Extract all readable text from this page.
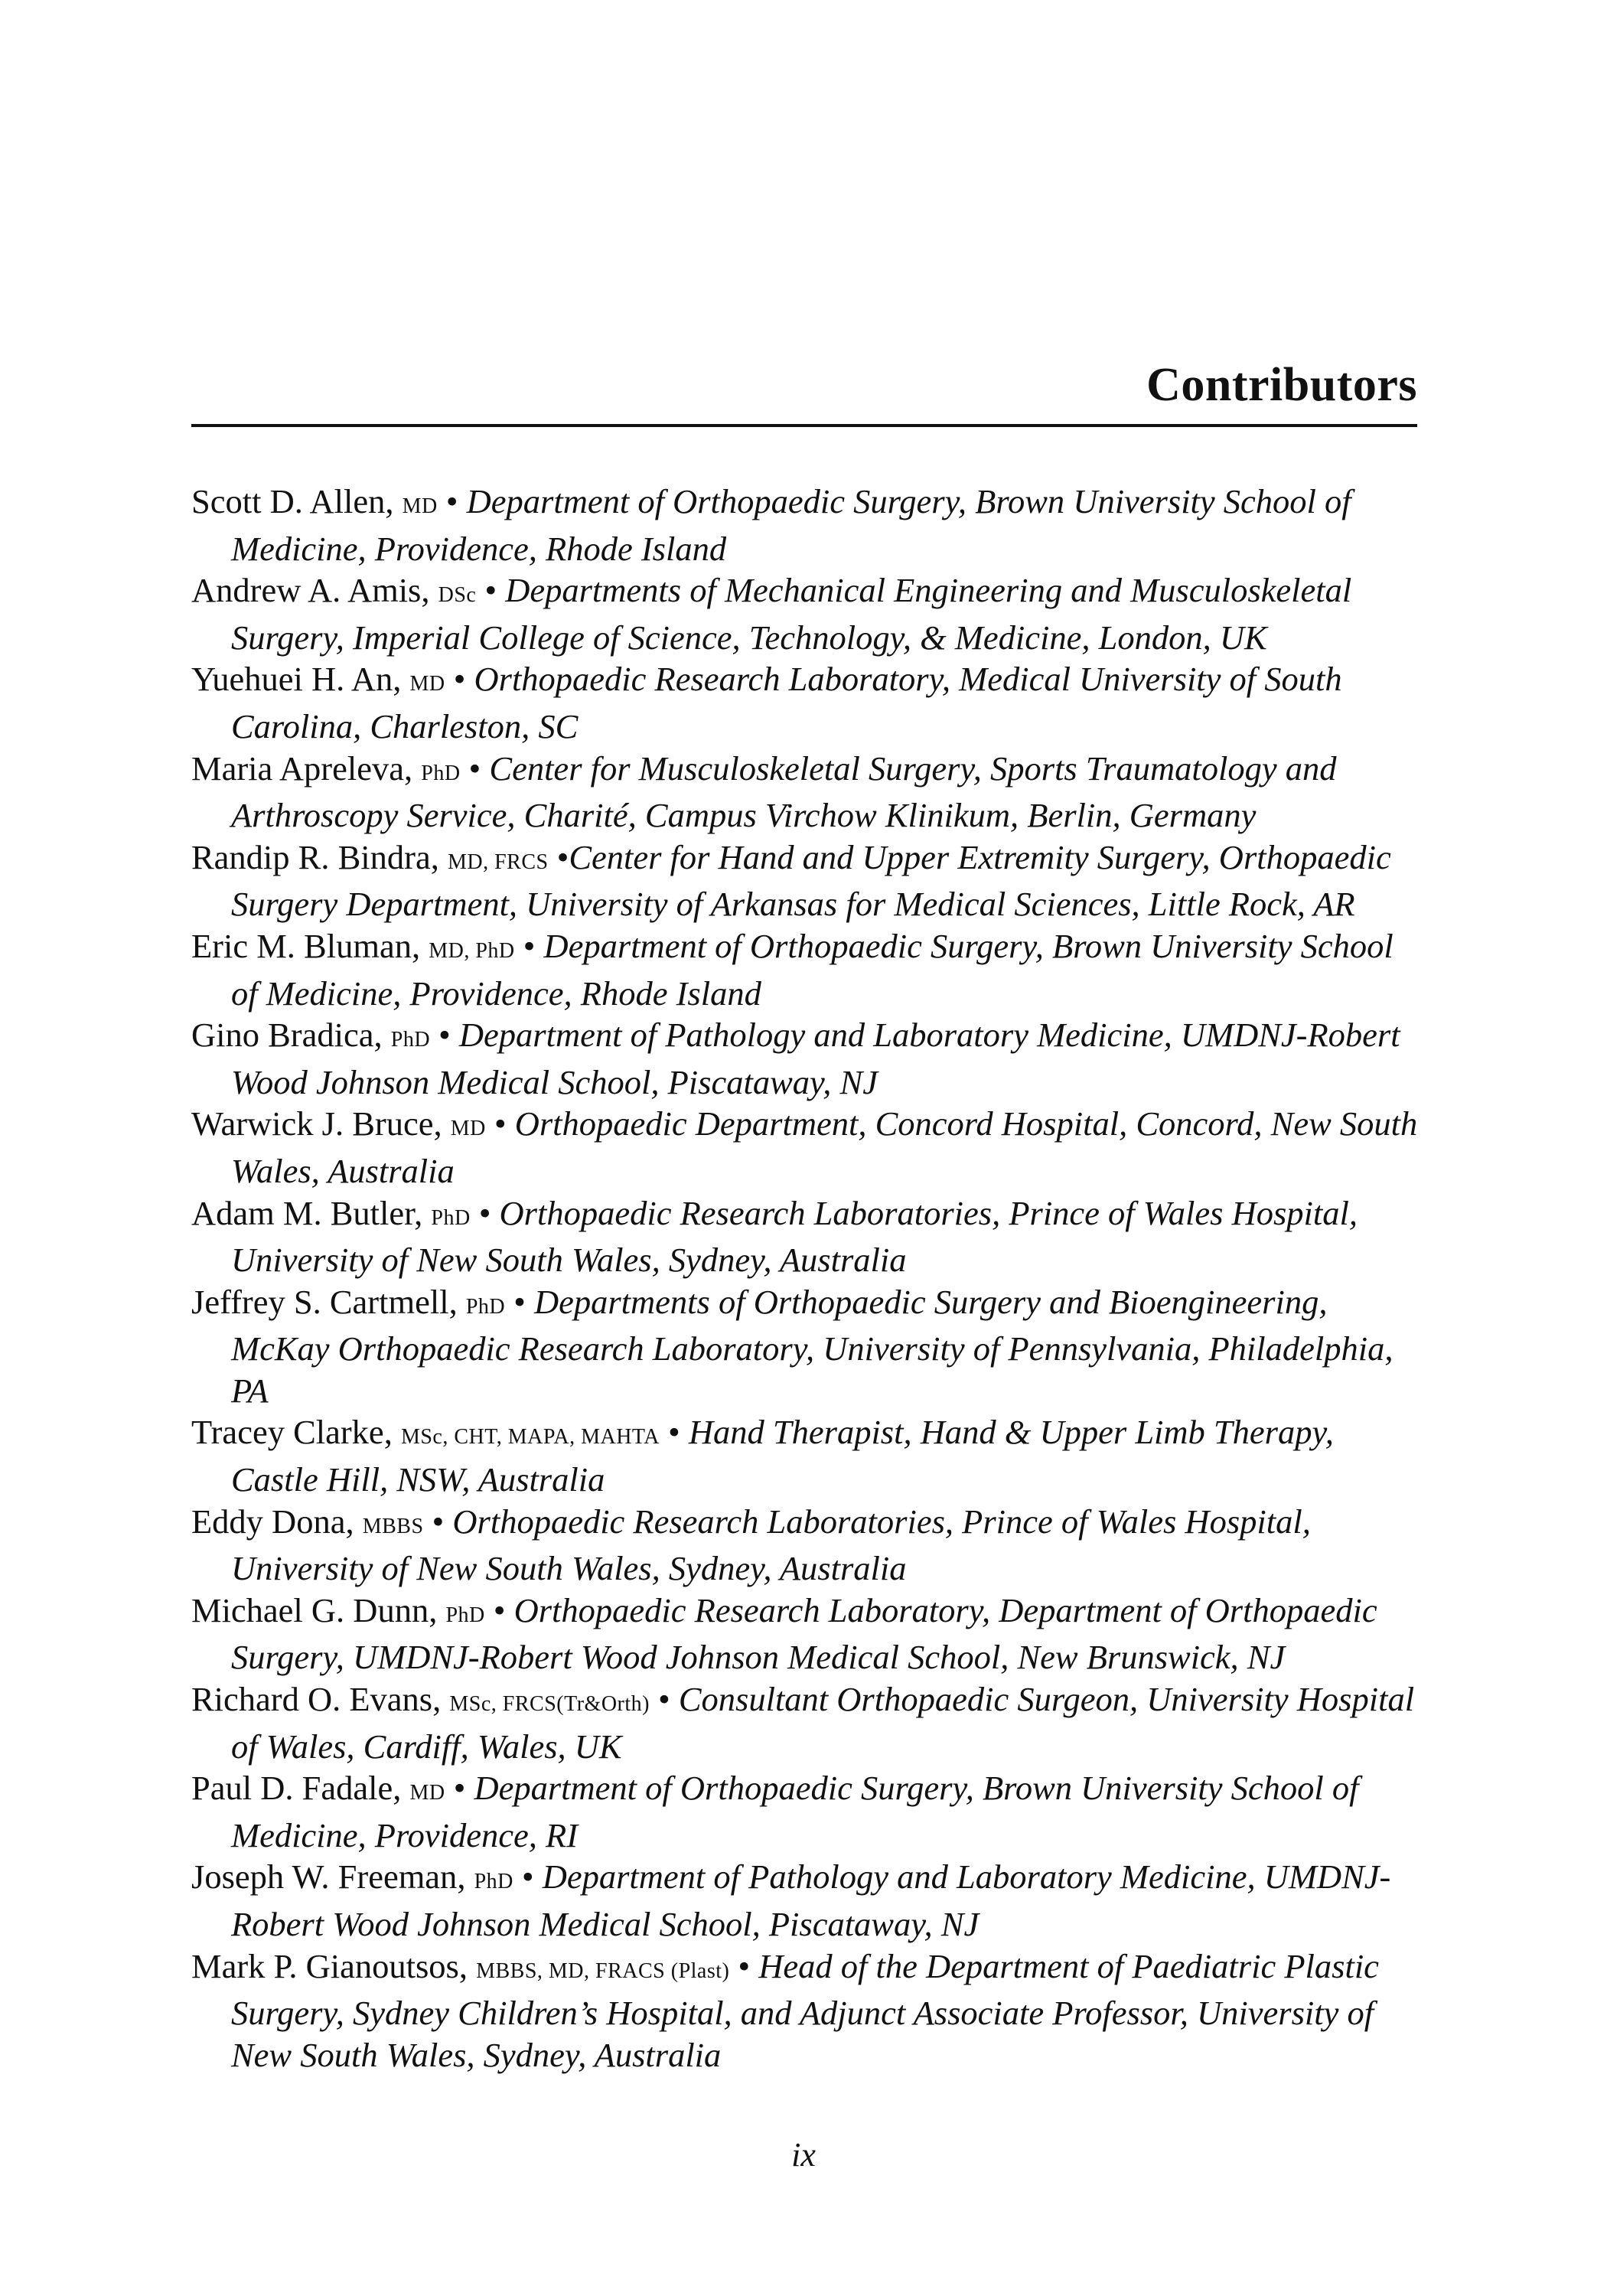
Contributors
Scott D. Allen, MD • Department of Orthopaedic Surgery, Brown University School of Medicine, Providence, Rhode Island
Andrew A. Amis, DSc • Departments of Mechanical Engineering and Musculoskeletal Surgery, Imperial College of Science, Technology, & Medicine, London, UK
Yuehuei H. An, MD • Orthopaedic Research Laboratory, Medical University of South Carolina, Charleston, SC
Maria Apreleva, PhD • Center for Musculoskeletal Surgery, Sports Traumatology and Arthroscopy Service, Charité, Campus Virchow Klinikum, Berlin, Germany
Randip R. Bindra, MD, FRCS •Center for Hand and Upper Extremity Surgery, Orthopaedic Surgery Department, University of Arkansas for Medical Sciences, Little Rock, AR
Eric M. Bluman, MD, PhD • Department of Orthopaedic Surgery, Brown University School of Medicine, Providence, Rhode Island
Gino Bradica, PhD • Department of Pathology and Laboratory Medicine, UMDNJ-Robert Wood Johnson Medical School, Piscataway, NJ
Warwick J. Bruce, MD • Orthopaedic Department, Concord Hospital, Concord, New South Wales, Australia
Adam M. Butler, PhD • Orthopaedic Research Laboratories, Prince of Wales Hospital, University of New South Wales, Sydney, Australia
Jeffrey S. Cartmell, PhD • Departments of Orthopaedic Surgery and Bioengineering, McKay Orthopaedic Research Laboratory, University of Pennsylvania, Philadelphia, PA
Tracey Clarke, MSc, CHT, MAPA, MAHTA • Hand Therapist, Hand & Upper Limb Therapy, Castle Hill, NSW, Australia
Eddy Dona, MBBS • Orthopaedic Research Laboratories, Prince of Wales Hospital, University of New South Wales, Sydney, Australia
Michael G. Dunn, PhD • Orthopaedic Research Laboratory, Department of Orthopaedic Surgery, UMDNJ-Robert Wood Johnson Medical School, New Brunswick, NJ
Richard O. Evans, MSc, FRCS(Tr&Orth) • Consultant Orthopaedic Surgeon, University Hospital of Wales, Cardiff, Wales, UK
Paul D. Fadale, MD • Department of Orthopaedic Surgery, Brown University School of Medicine, Providence, RI
Joseph W. Freeman, PhD • Department of Pathology and Laboratory Medicine, UMDNJ-Robert Wood Johnson Medical School, Piscataway, NJ
Mark P. Gianoutsos, MBBS, MD, FRACS (Plast) • Head of the Department of Paediatric Plastic Surgery, Sydney Children’s Hospital, and Adjunct Associate Professor, University of New South Wales, Sydney, Australia
ix
